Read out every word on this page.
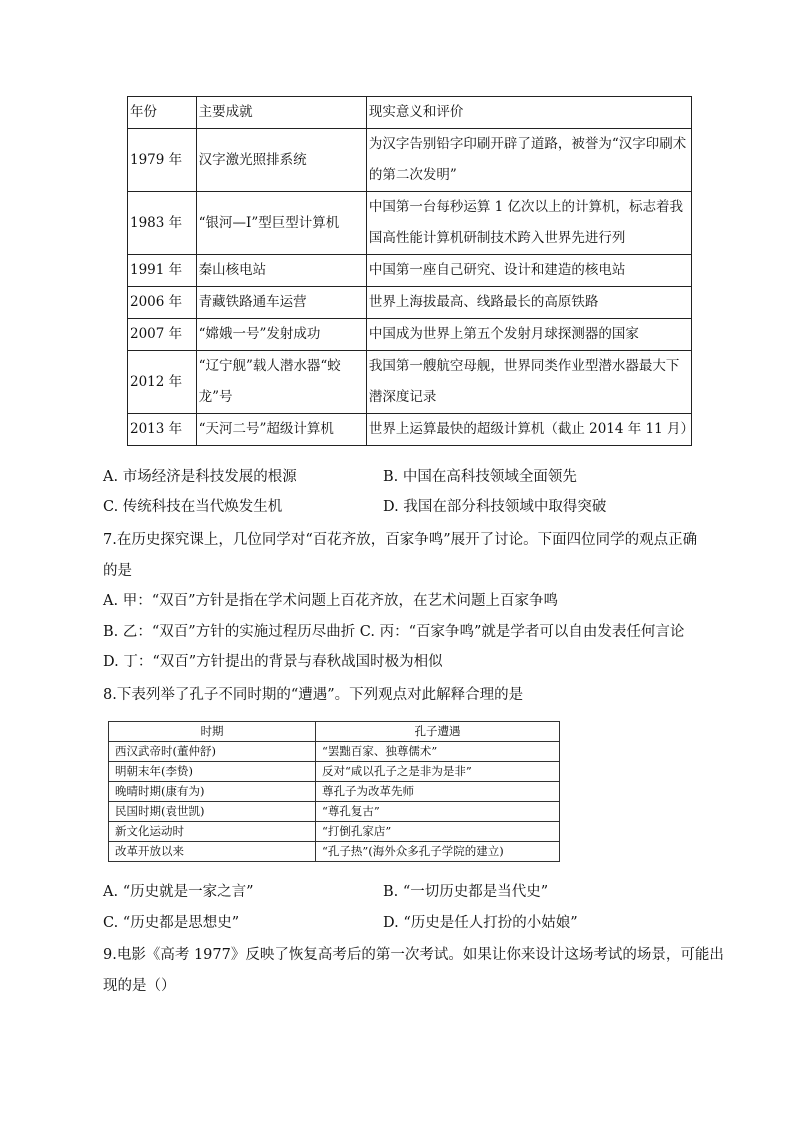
年份	主要成就	现实意义和评价
1979 年	汉字激光照排系统	为汉字告别铅字印刷开辟了道路，被誉为“汉字印刷术的第二次发明”
1983 年	“银河—I”型巨型计算机	中国第一台每秒运算 1 亿次以上的计算机，标志着我国高性能计算机研制技术跨入世界先进行列
1991 年	秦山核电站	中国第一座自己研究、设计和建造的核电站
2006 年	青藏铁路通车运营	世界上海拔最高、线路最长的高原铁路
2007 年	“嫦娥一号”发射成功	中国成为世界上第五个发射月球探测器的国家
2012 年	“辽宁舰”载人潜水器“蛟龙”号	我国第一艘航空母舰，世界同类作业型潜水器最大下潜深度记录
2013 年	“天河二号”超级计算机	世界上运算最快的超级计算机（截止 2014 年 11 月）
A. 市场经济是科技发展的根源	B. 中国在高科技领域全面领先
C. 传统科技在当代焕发生机	D. 我国在部分科技领域中取得突破
7.在历史探究课上，几位同学对“百花齐放，百家争鸣”展开了讨论。下面四位同学的观点正确
的是
A. 甲：“双百”方针是指在学术问题上百花齐放，在艺术问题上百家争鸣
B. 乙：“双百”方针的实施过程历尽曲折 C. 丙：“百家争鸣”就是学者可以自由发表任何言论
D. 丁：“双百”方针提出的背景与春秋战国时极为相似
8.下表列举了孔子不同时期的“遭遇”。下列观点对此解释合理的是
时期	孔子遭遇
西汉武帝时(董仲舒)	“罢黜百家、独尊儒术”
明朝末年(李贽)	反对“咸以孔子之是非为是非”
晚晴时期(康有为)	尊孔子为改革先师
民国时期(袁世凯)	“尊孔复古”
新文化运动时	“打倒孔家店”
改革开放以来	“孔子热”(海外众多孔子学院的建立)
A. “历史就是一家之言”	B. “一切历史都是当代史”
C. “历史都是思想史”	D. “历史是任人打扮的小姑娘”
9.电影《高考 1977》反映了恢复高考后的第一次考试。如果让你来设计这场考试的场景，可能出
现的是（）
